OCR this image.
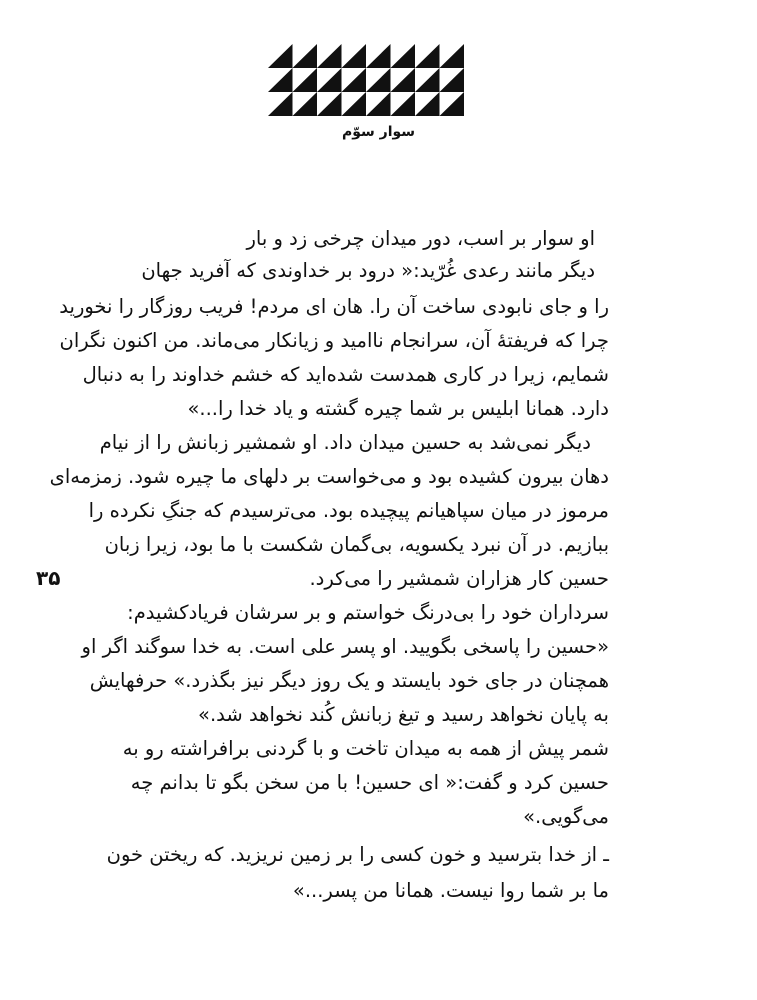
سوار سوّم
۳۵
او سوار بر اسب، دور میدان چرخی زد و بار
دیگر مانند رعدی غُرّید:« درود بر خداوندی که آفرید جهان
را و جای نابودی ساخت آن را. هان ای مردم! فریب روزگار را نخورید
چرا که فریفتهٔ آن، سرانجام ناامید و زیانکار می‌ماند. من اکنون نگران
شمایم، زیرا در کاری همدست شده‌اید که خشم خداوند را به دنبال
دارد. همانا ابلیس بر شما چیره گشته و یاد خدا را...»
دیگر نمی‌شد به حسین میدان داد. او شمشیر زبانش را از نیام
دهان بیرون کشیده بود و می‌خواست بر دلهای ما چیره شود. زمزمه‌ای
مرموز در میان سپاهیانم پیچیده بود. می‌ترسیدم که جنگِ نکرده را
ببازیم. در آن نبرد یکسویه، بی‌گمان شکست با ما بود، زیرا زبان
حسین کار هزاران شمشیر را می‌کرد.
سرداران خود را بی‌درنگ خواستم و بر سرشان فریادکشیدم:
«حسین را پاسخی بگویید. او پسر علی است. به خدا سوگند اگر او
همچنان در جای خود بایستد و یک روز دیگر نیز بگذرد.» حرفهایش
به پایان نخواهد رسید و تیغ زبانش کُند نخواهد شد.»
شمر پیش از همه به میدان تاخت و با گردنی برافراشته رو به
حسین کرد و گفت:« ای حسین! با من سخن بگو تا بدانم چه
می‌گویی.»
ـ از خدا بترسید و خون کسی را بر زمین نریزید. که ریختن خون
ما بر شما روا نیست. همانا من پسر...»
